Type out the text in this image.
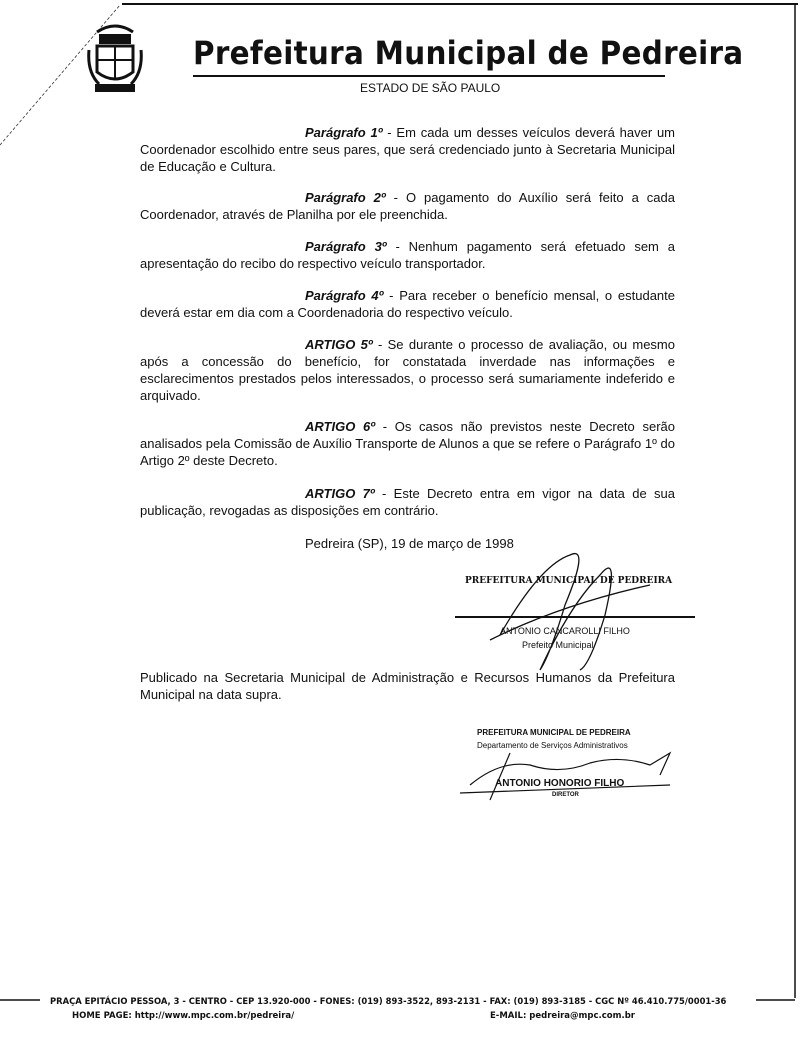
Prefeitura Municipal de Pedreira
ESTADO DE SÃO PAULO
Parágrafo 1º - Em cada um desses veículos deverá haver um Coordenador escolhido entre seus pares, que será credenciado junto à Secretaria Municipal de Educação e Cultura.
Parágrafo 2º - O pagamento do Auxílio será feito a cada Coordenador, através de Planilha por ele preenchida.
Parágrafo 3º - Nenhum pagamento será efetuado sem a apresentação do recibo do respectivo veículo transportador.
Parágrafo 4º - Para receber o benefício mensal, o estudante deverá estar em dia com a Coordenadoria do respectivo veículo.
ARTIGO 5º - Se durante o processo de avaliação, ou mesmo após a concessão do benefício, for constatada inverdade nas informações e esclarecimentos prestados pelos interessados, o processo será sumariamente indeferido e arquivado.
ARTIGO 6º - Os casos não previstos neste Decreto serão analisados pela Comissão de Auxílio Transporte de Alunos a que se refere o Parágrafo 1º do Artigo 2º deste Decreto.
ARTIGO 7º - Este Decreto entra em vigor na data de sua publicação, revogadas as disposições em contrário.
Pedreira (SP), 19 de março de 1998
PREFEITURA MUNICIPAL DE PEDREIRA
ANTONIO CANCAROLLI FILHO
Prefeito Municipal
Publicado na Secretaria Municipal de Administração e Recursos Humanos da Prefeitura Municipal na data supra.
PREFEITURA MUNICIPAL DE PEDREIRA
Departamento de Serviços Administrativos
ANTONIO HONORIO FILHO
DIRETOR
PRAÇA EPITÁCIO PESSOA, 3 - CENTRO - CEP 13.920-000 - FONES: (019) 893-3522, 893-2131 - FAX: (019) 893-3185 - CGC Nº 46.410.775/0001-36
HOME PAGE: http://www.mpc.com.br/pedreira/	E-MAIL: pedreira@mpc.com.br
